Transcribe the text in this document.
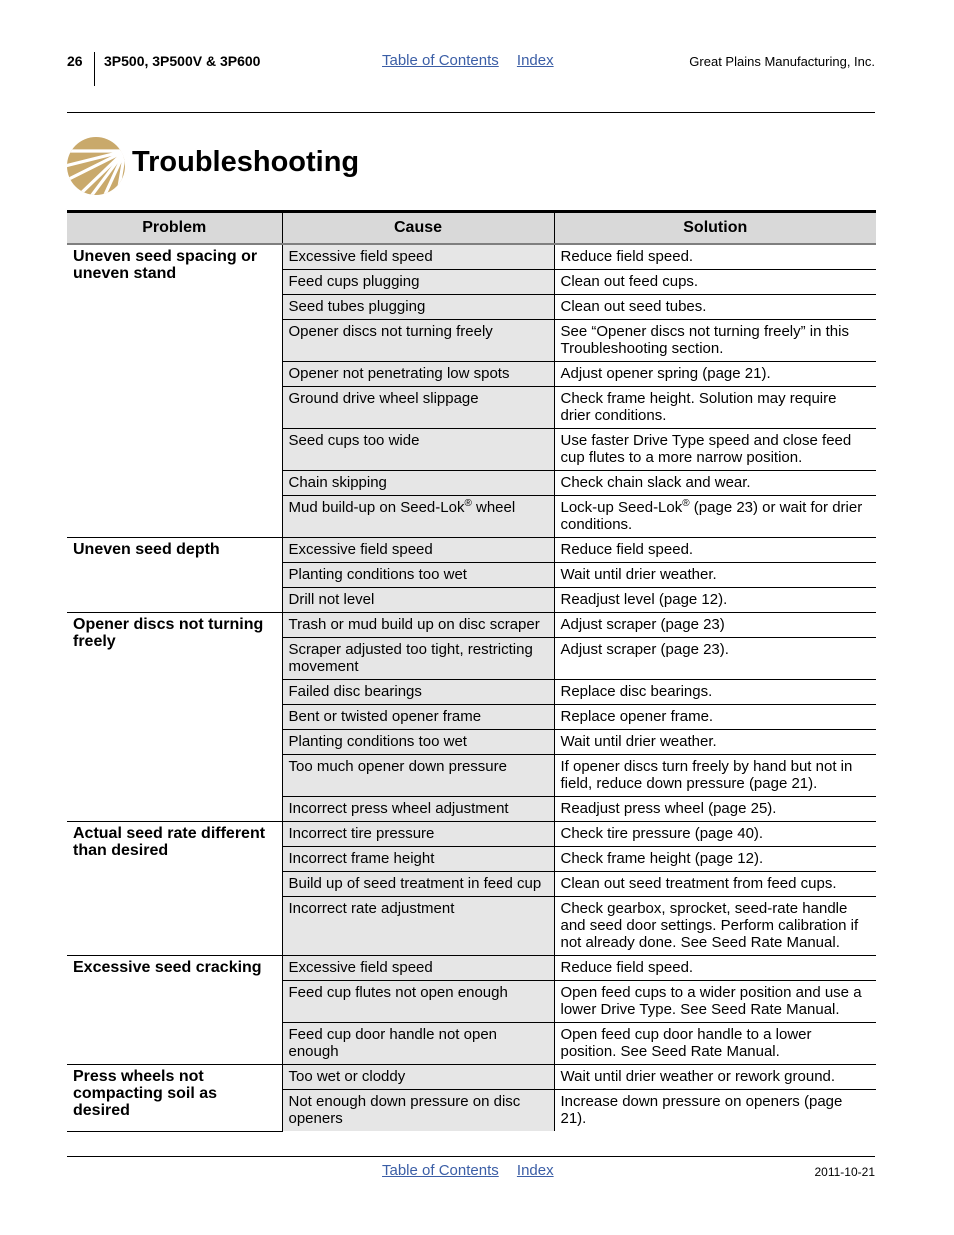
26 3P500, 3P500V & 3P600	Table of Contents Index	Great Plains Manufacturing, Inc.
Troubleshooting
Problem	Cause	Solution
Uneven seed spacing or uneven stand	Excessive field speed	Reduce field speed.
	Feed cups plugging	Clean out feed cups.
	Seed tubes plugging	Clean out seed tubes.
	Opener discs not turning freely	See “Opener discs not turning freely” in this Troubleshooting section.
	Opener not penetrating low spots	Adjust opener spring (page 21).
	Ground drive wheel slippage	Check frame height. Solution may require drier conditions.
	Seed cups too wide	Use faster Drive Type speed and close feed cup flutes to a more narrow position.
	Chain skipping	Check chain slack and wear.
	Mud build-up on Seed-Lok® wheel	Lock-up Seed-Lok® (page 23) or wait for drier conditions.
Uneven seed depth	Excessive field speed	Reduce field speed.
	Planting conditions too wet	Wait until drier weather.
	Drill not level	Readjust level (page 12).
Opener discs not turning freely	Trash or mud build up on disc scraper	Adjust scraper (page 23)
	Scraper adjusted too tight, restricting movement	Adjust scraper (page 23).
	Failed disc bearings	Replace disc bearings.
	Bent or twisted opener frame	Replace opener frame.
	Planting conditions too wet	Wait until drier weather.
	Too much opener down pressure	If opener discs turn freely by hand but not in field, reduce down pressure (page 21).
	Incorrect press wheel adjustment	Readjust press wheel (page 25).
Actual seed rate different than desired	Incorrect tire pressure	Check tire pressure (page 40).
	Incorrect frame height	Check frame height (page 12).
	Build up of seed treatment in feed cup	Clean out seed treatment from feed cups.
	Incorrect rate adjustment	Check gearbox, sprocket, seed-rate handle and seed door settings. Perform calibration if not already done. See Seed Rate Manual.
Excessive seed cracking	Excessive field speed	Reduce field speed.
	Feed cup flutes not open enough	Open feed cups to a wider position and use a lower Drive Type. See Seed Rate Manual.
	Feed cup door handle not open enough	Open feed cup door handle to a lower position. See Seed Rate Manual.
Press wheels not compacting soil as desired	Too wet or cloddy	Wait until drier weather or rework ground.
	Not enough down pressure on disc openers	Increase down pressure on openers (page 21).
Table of Contents Index	2011-10-21
